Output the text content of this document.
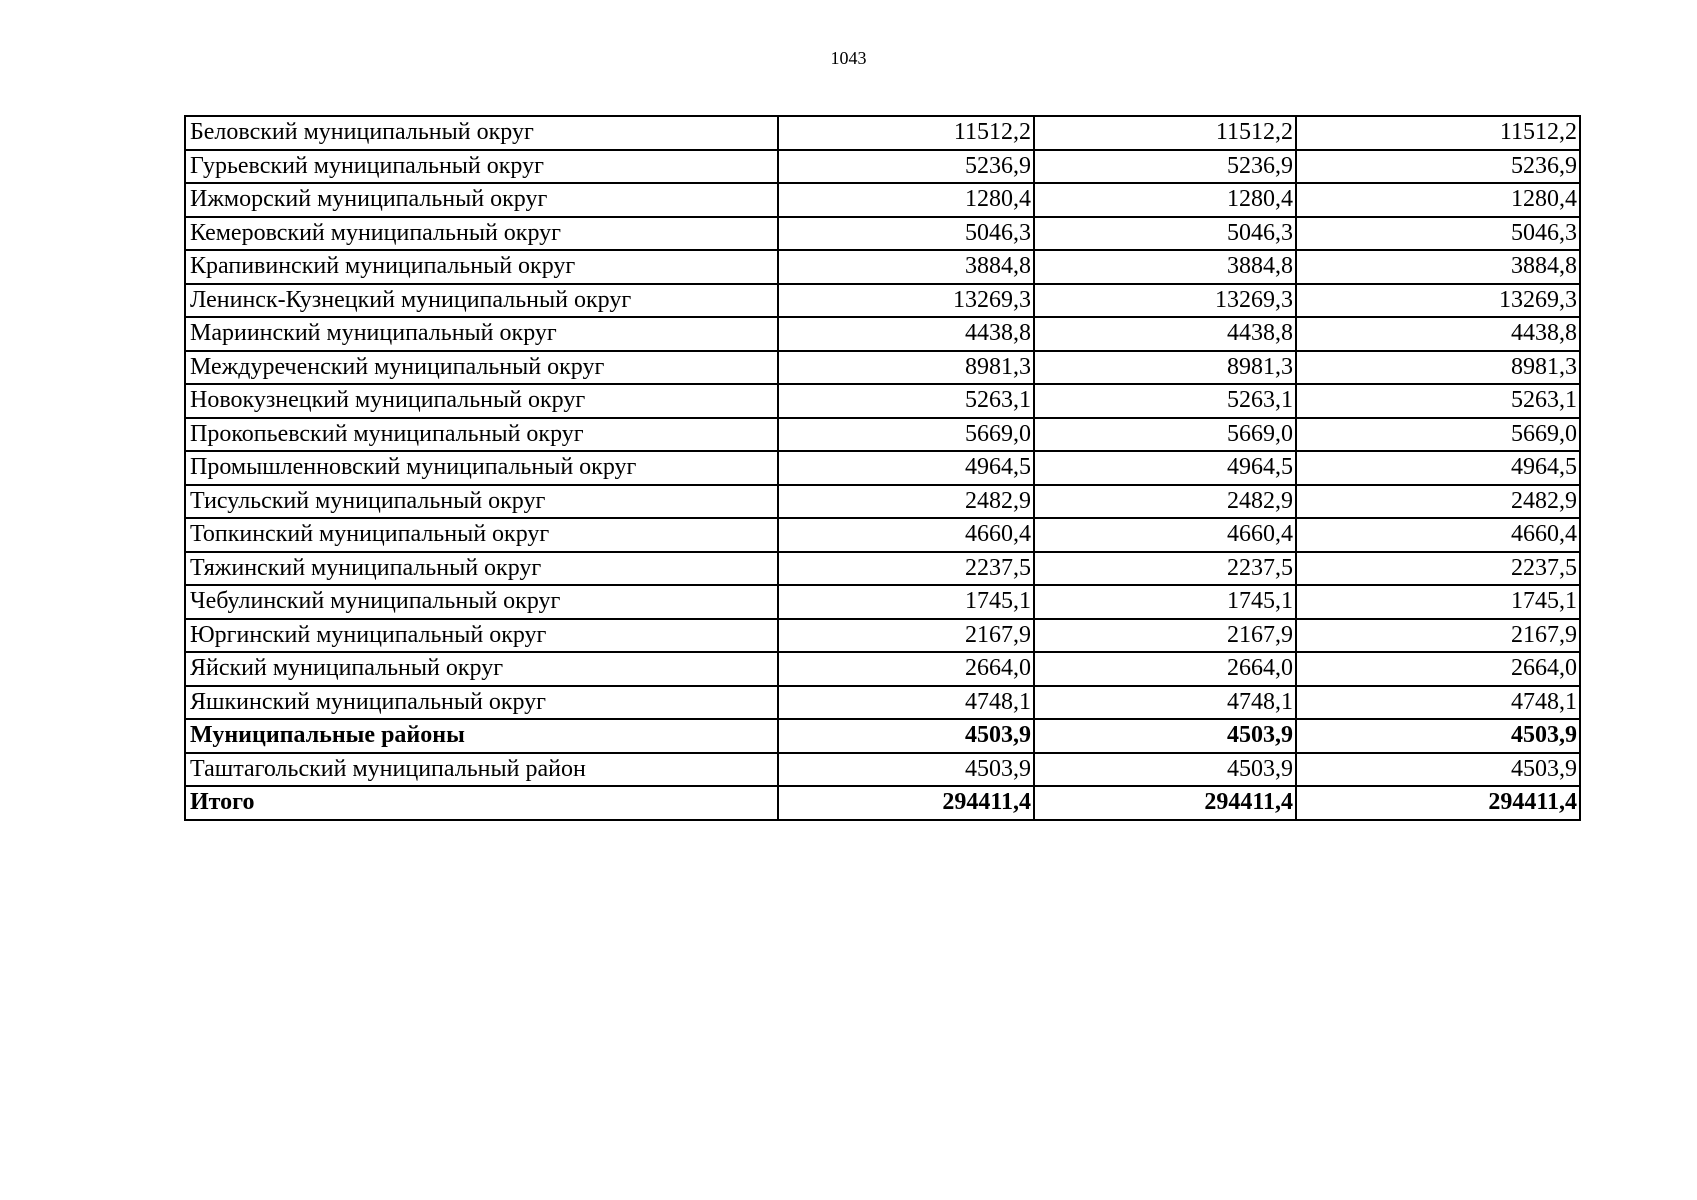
1043
Беловский муниципальный округ	11512,2	11512,2	11512,2
Гурьевский муниципальный округ	5236,9	5236,9	5236,9
Ижморский муниципальный округ	1280,4	1280,4	1280,4
Кемеровский муниципальный округ	5046,3	5046,3	5046,3
Крапивинский муниципальный округ	3884,8	3884,8	3884,8
Ленинск-Кузнецкий муниципальный округ	13269,3	13269,3	13269,3
Мариинский муниципальный округ	4438,8	4438,8	4438,8
Междуреченский муниципальный округ	8981,3	8981,3	8981,3
Новокузнецкий муниципальный округ	5263,1	5263,1	5263,1
Прокопьевский муниципальный округ	5669,0	5669,0	5669,0
Промышленновский муниципальный округ	4964,5	4964,5	4964,5
Тисульский муниципальный округ	2482,9	2482,9	2482,9
Топкинский муниципальный округ	4660,4	4660,4	4660,4
Тяжинский муниципальный округ	2237,5	2237,5	2237,5
Чебулинский муниципальный округ	1745,1	1745,1	1745,1
Юргинский муниципальный округ	2167,9	2167,9	2167,9
Яйский муниципальный округ	2664,0	2664,0	2664,0
Яшкинский муниципальный округ	4748,1	4748,1	4748,1
Муниципальные районы	4503,9	4503,9	4503,9
Таштагольский муниципальный район	4503,9	4503,9	4503,9
Итого	294411,4	294411,4	294411,4
